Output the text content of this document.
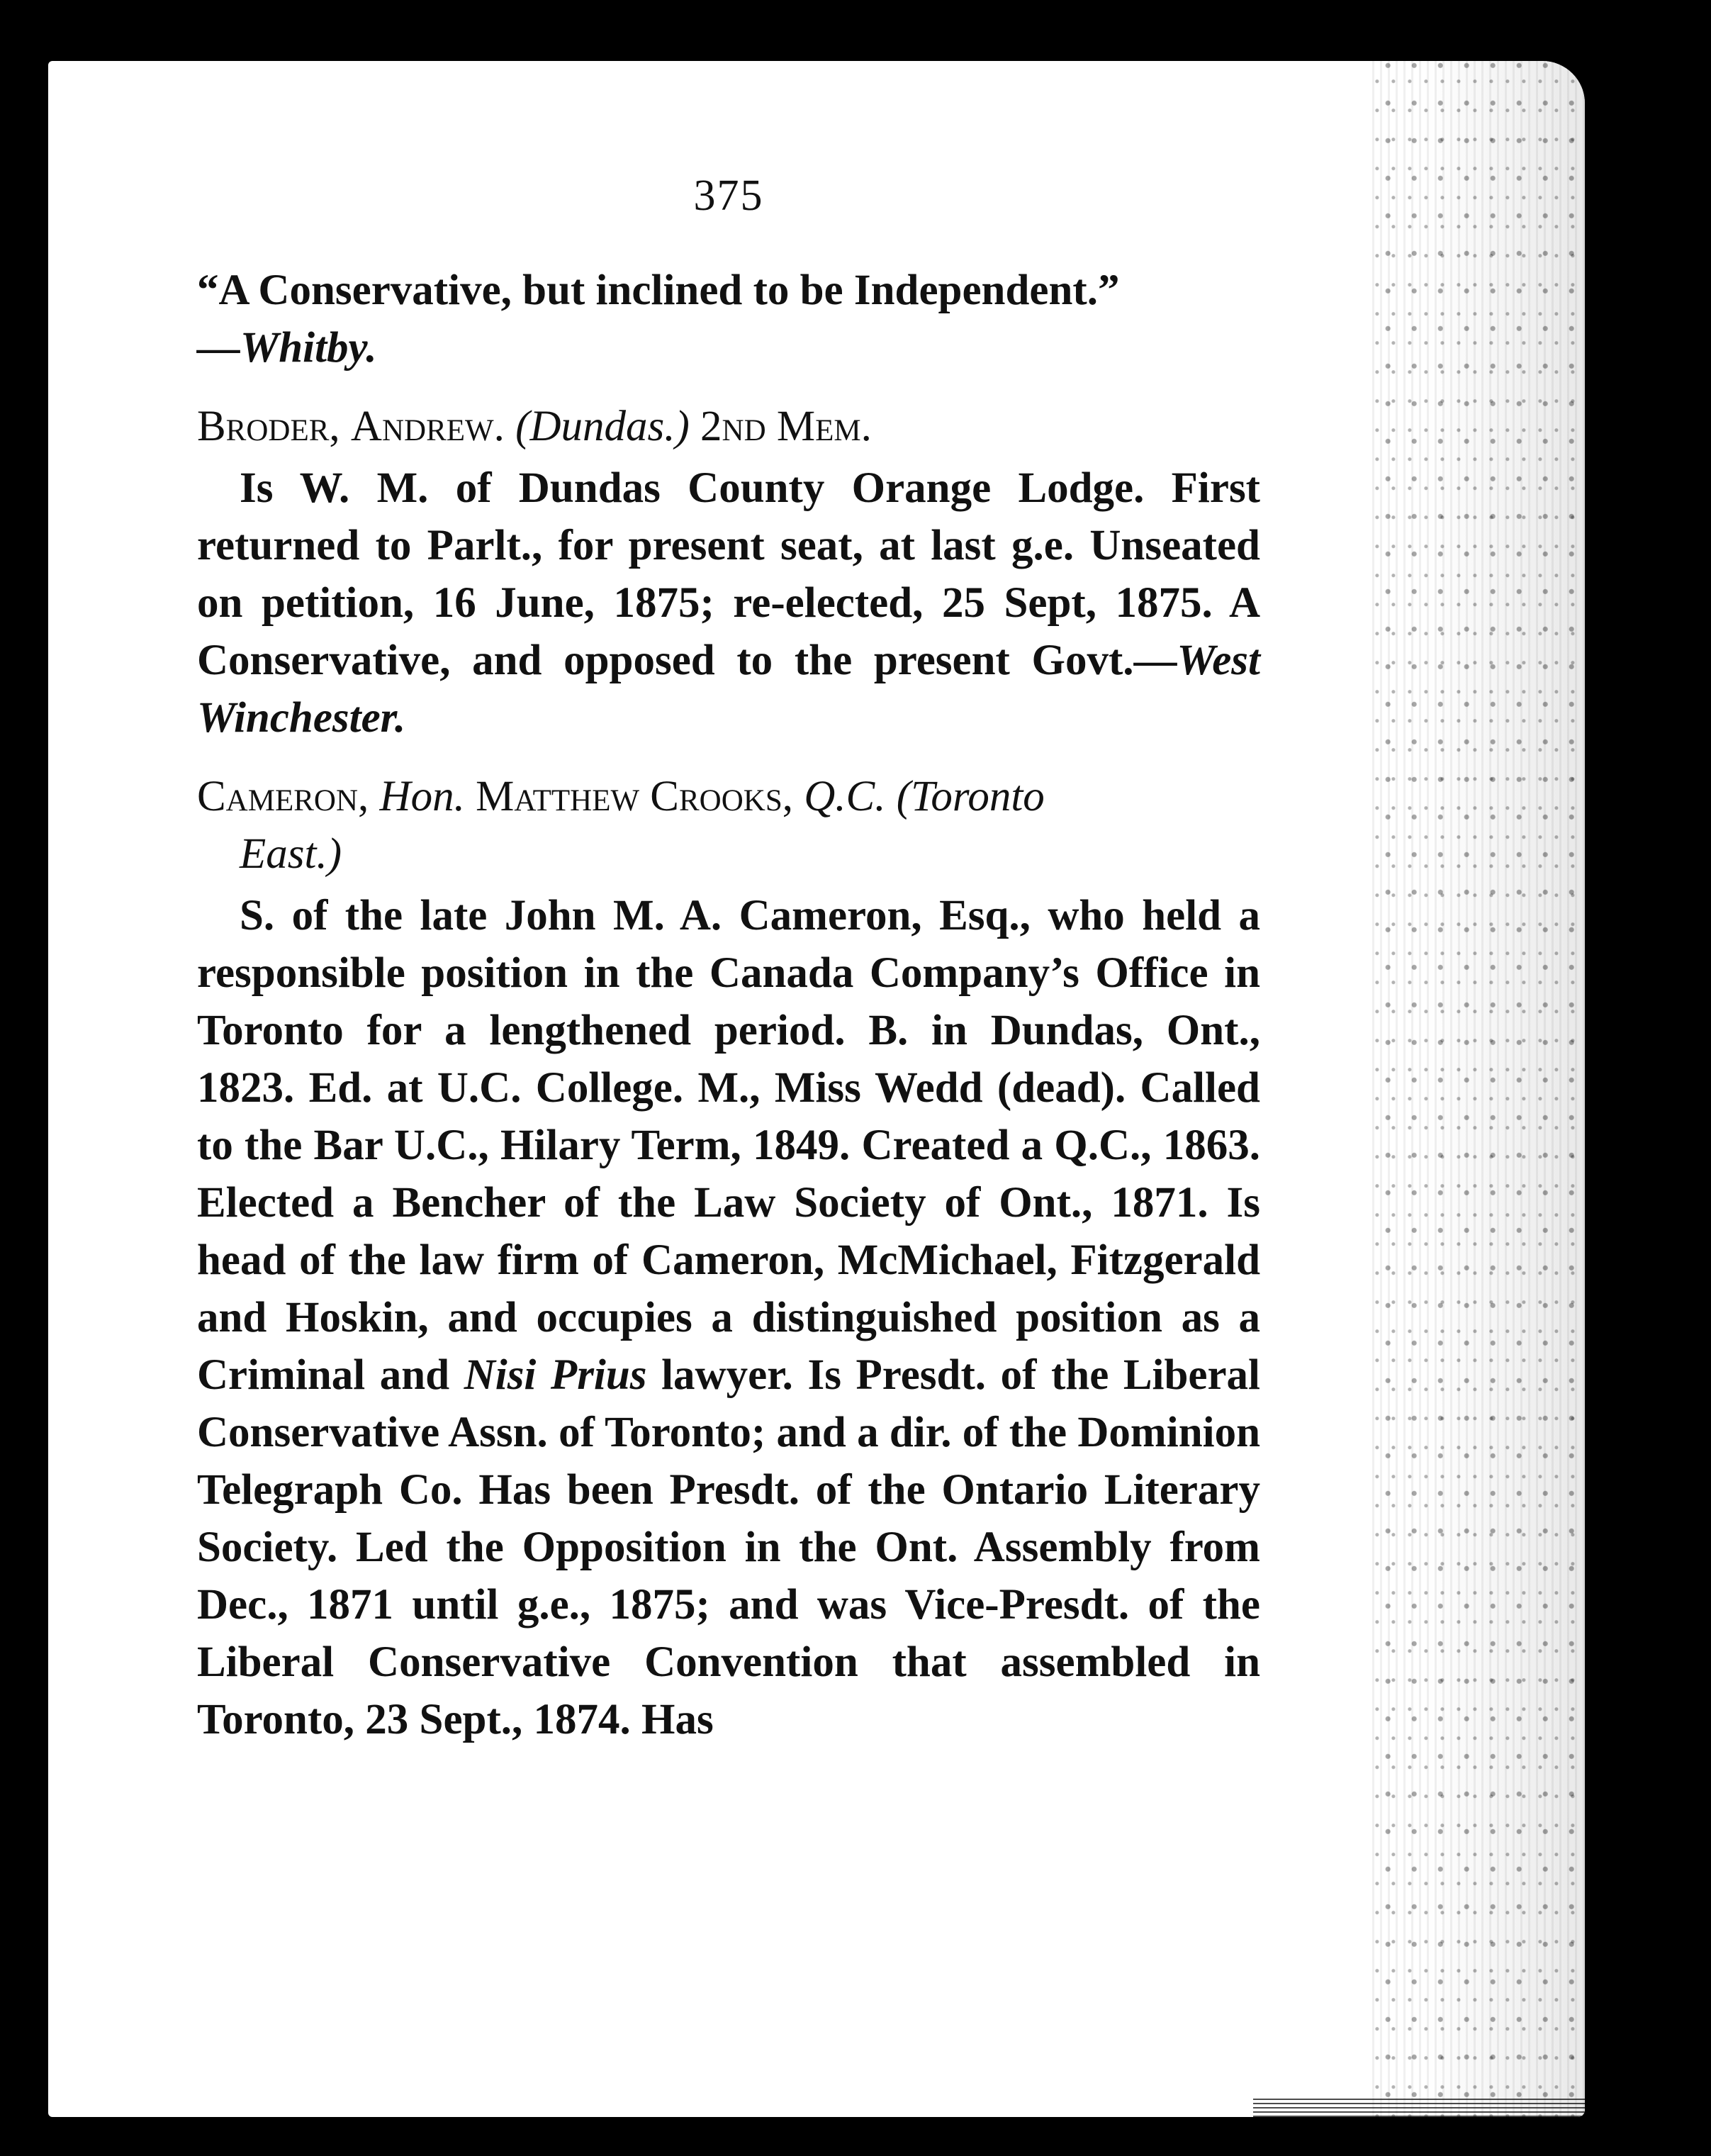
375

“A Conservative, but inclined to be Independent.”

—Whitby.

Broder, Andrew. (Dundas.) 2nd Mem.

Is W. M. of Dundas County Orange Lodge. First returned to Parlt., for present seat, at last g.e. Unseated on petition, 16 June, 1875; re-elected, 25 Sept, 1875. A Conservative, and opposed to the present Govt.—West Winchester.

Cameron, Hon. Matthew Crooks, Q.C. (Toronto
East.)

S. of the late John M. A. Cameron, Esq., who held a responsible position in the Canada Company’s Office in Toronto for a lengthened period. B. in Dundas, Ont., 1823. Ed. at U.C. College. M., Miss Wedd (dead). Called to the Bar U.C., Hilary Term, 1849. Created a Q.C., 1863. Elected a Bencher of the Law Society of Ont., 1871. Is head of the law firm of Cameron, McMichael, Fitzgerald and Hoskin, and occupies a distinguished position as a Criminal and Nisi Prius lawyer. Is Presdt. of the Liberal Conservative Assn. of Toronto; and a dir. of the Dominion Telegraph Co. Has been Presdt. of the Ontario Literary Society. Led the Opposition in the Ont. Assembly from Dec., 1871 until g.e., 1875; and was Vice-Presdt. of the Liberal Conservative Convention that assembled in Toronto, 23 Sept., 1874. Has
